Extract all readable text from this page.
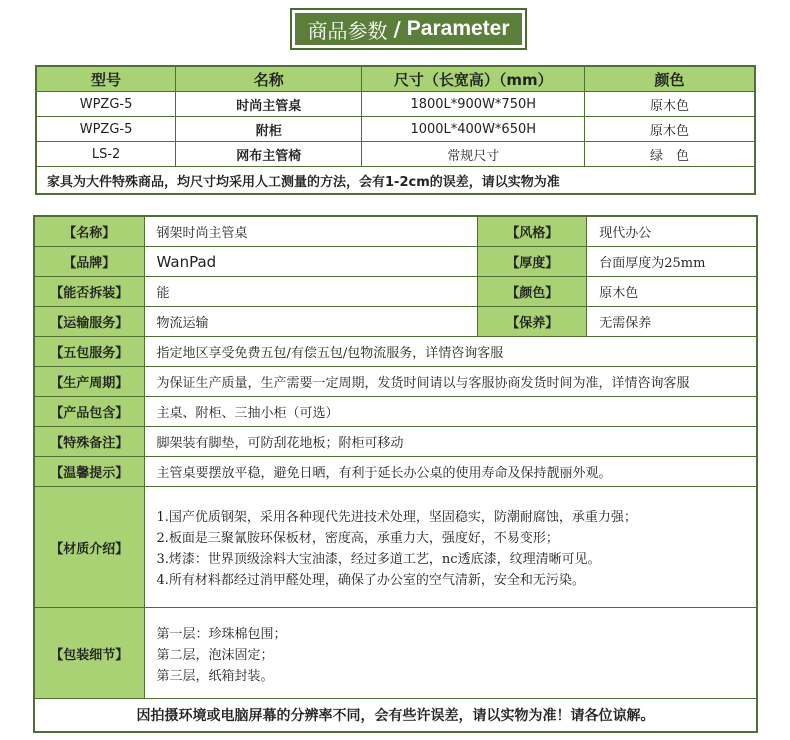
商品参数 / Parameter
型号	名称	尺寸（长宽高）（mm）	颜色
WPZG-5	时尚主管桌	1800L*900W*750H	原木色
WPZG-5	附柜	1000L*400W*650H	原木色
LS-2	网布主管椅	常规尺寸	绿　色
家具为大件特殊商品，均尺寸均采用人工测量的方法，会有1-2cm的误差，请以实物为准			
【名称】	钢架时尚主管桌	【风格】	现代办公
【品牌】	WanPad	【厚度】	台面厚度为25mm
【能否拆装】	能	【颜色】	原木色
【运输服务】	物流运输	【保养】	无需保养
【五包服务】	指定地区享受免费五包/有偿五包/包物流服务，详情咨询客服		
【生产周期】	为保证生产质量，生产需要一定周期，发货时间请以与客服协商发货时间为准，详情咨询客服		
【产品包含】	主桌、附柜、三抽小柜（可选）		
【特殊备注】	脚架装有脚垫，可防刮花地板；附柜可移动		
【温馨提示】	主管桌要摆放平稳，避免日晒，有利于延长办公桌的使用寿命及保持靓丽外观。		
【材质介绍】	1.国产优质钢架，采用各种现代先进技术处理，坚固稳实，防潮耐腐蚀，承重力强；
2.板面是三聚氰胺环保板材，密度高，承重力大，强度好，不易变形；
3.烤漆：世界顶级涂料大宝油漆，经过多道工艺，nc透底漆，纹理清晰可见。
4.所有材料都经过消甲醛处理，确保了办公室的空气清新，安全和无污染。		

【包装细节】	第一层：珍珠棉包围；
第二层，泡沫固定；
第三层，纸箱封装。		

因拍摄环境或电脑屏幕的分辨率不同，会有些许误差，请以实物为准！请各位谅解。			
